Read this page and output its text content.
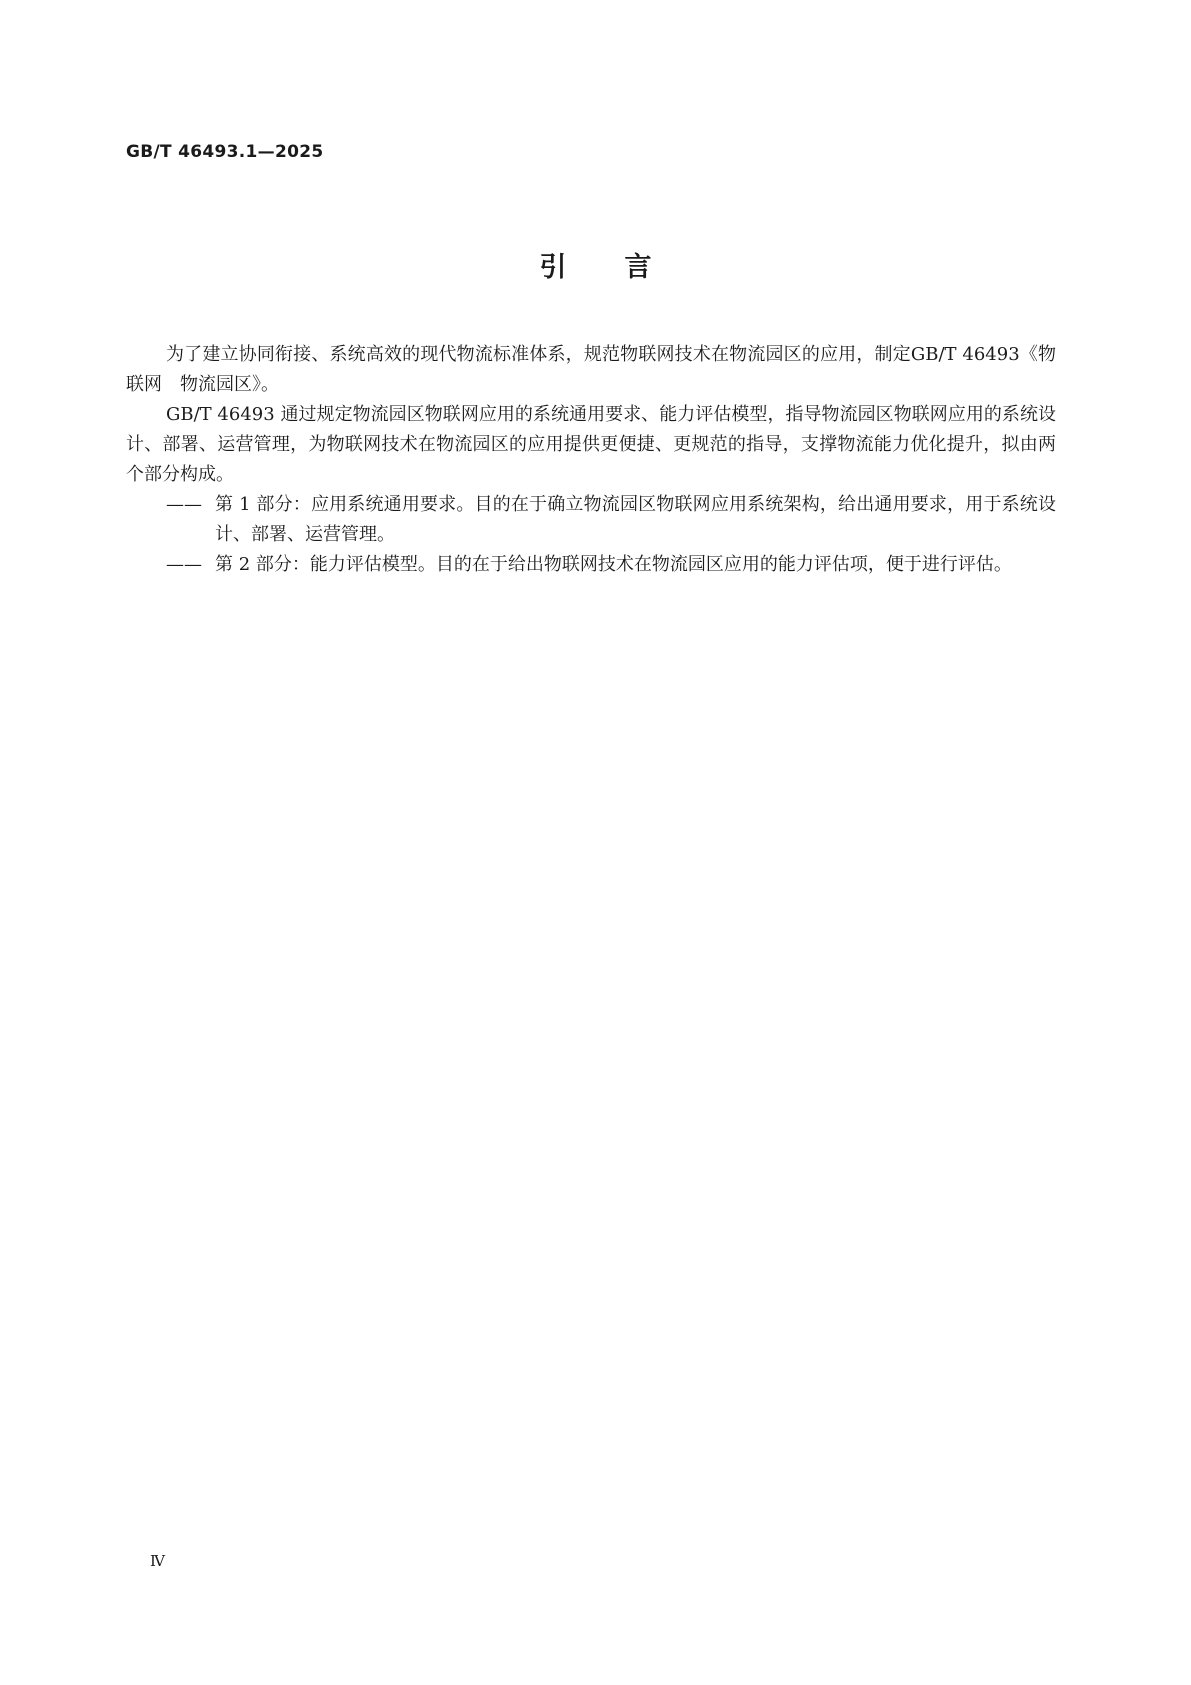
GB/T 46493.1—2025
引言

为了建立协同衔接、系统高效的现代物流标准体系，规范物联网技术在物流园区的应用，制定GB/T 46493《物联网　物流园区》。

GB/T 46493 通过规定物流园区物联网应用的系统通用要求、能力评估模型，指导物流园区物联网应用的系统设计、部署、运营管理，为物联网技术在物流园区的应用提供更便捷、更规范的指导，支撑物流能力优化提升，拟由两个部分构成。

—— 第 1 部分：应用系统通用要求。目的在于确立物流园区物联网应用系统架构，给出通用要求，用于系统设计、部署、运营管理。
—— 第 2 部分：能力评估模型。目的在于给出物联网技术在物流园区应用的能力评估项，便于进行评估。
Ⅳ
